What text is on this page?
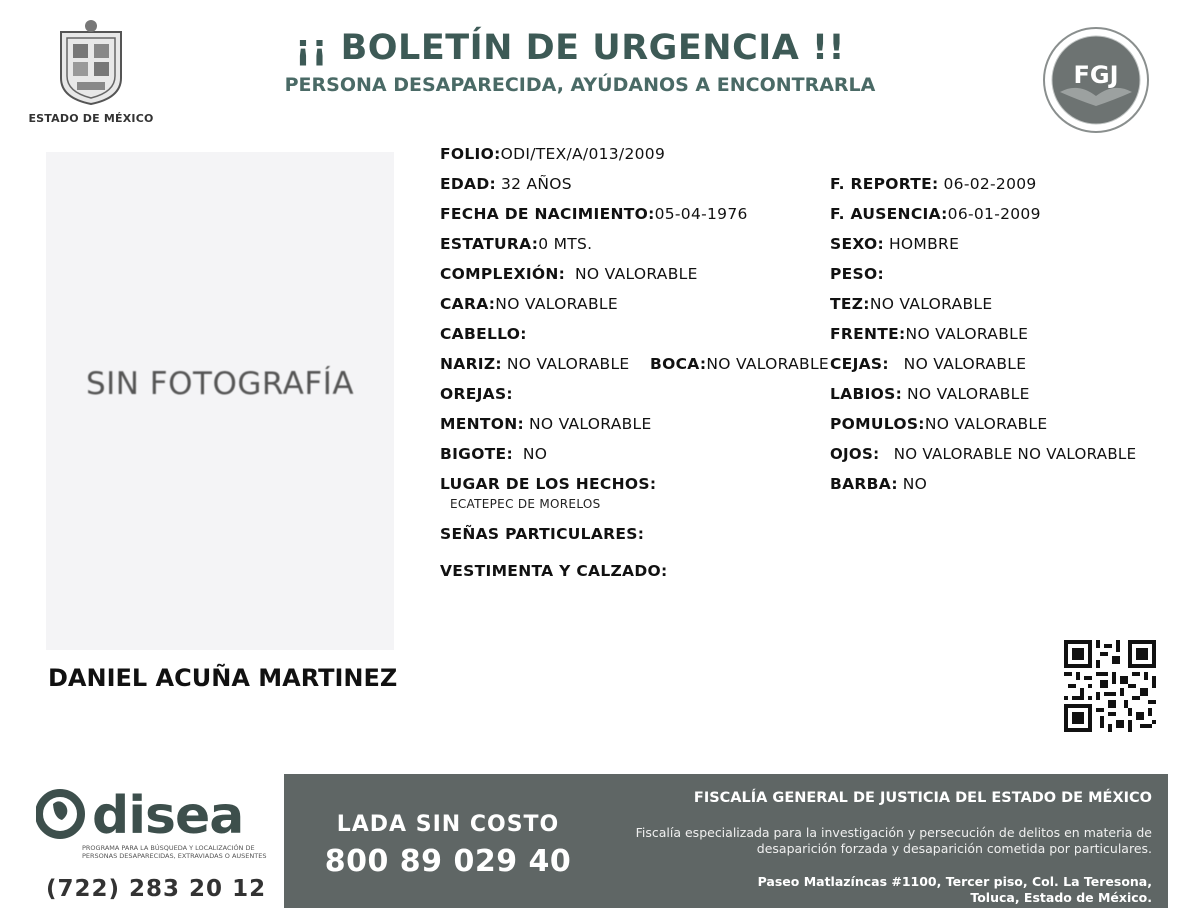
ESTADO DE MÉXICO
¡¡ BOLETÍN DE URGENCIA !!
PERSONA DESAPARECIDA, AYÚDANOS A ENCONTRARLA	FGJ
SIN FOTOGRAFÍA
DANIEL ACUÑA MARTINEZ
FOLIO:ODI/TEX/A/013/2009
EDAD: 32 AÑOS
FECHA DE NACIMIENTO:05-04-1976
ESTATURA:0 MTS.
COMPLEXIÓN: NO VALORABLE
CARA:NO VALORABLE
CABELLO:
NARIZ: NO VALORABLE BOCA:NO VALORABLE
OREJAS:
MENTON: NO VALORABLE
BIGOTE: NO
LUGAR DE LOS HECHOS:
ECATEPEC DE MORELOS
SEÑAS PARTICULARES:
VESTIMENTA Y CALZADO:
F. REPORTE: 06-02-2009
F. AUSENCIA:06-01-2009
SEXO: HOMBRE
PESO:
TEZ:NO VALORABLE
FRENTE:NO VALORABLE
CEJAS: NO VALORABLE
LABIOS: NO VALORABLE
POMULOS:NO VALORABLE
OJOS: NO VALORABLE NO VALORABLE
BARBA: NO
disea
PROGRAMA PARA LA BÚSQUEDA Y LOCALIZACIÓN DE PERSONAS DESAPARECIDAS, EXTRAVIADAS O AUSENTES
(722) 283 20 12
LADA SIN COSTO
800 89 029 40
FISCALÍA GENERAL DE JUSTICIA DEL ESTADO DE MÉXICO
Fiscalía especializada para la investigación y persecución de delitos en materia de desaparición forzada y desaparición cometida por particulares.
Paseo Matlazíncas #1100, Tercer piso, Col. La Teresona,
Toluca, Estado de México.
